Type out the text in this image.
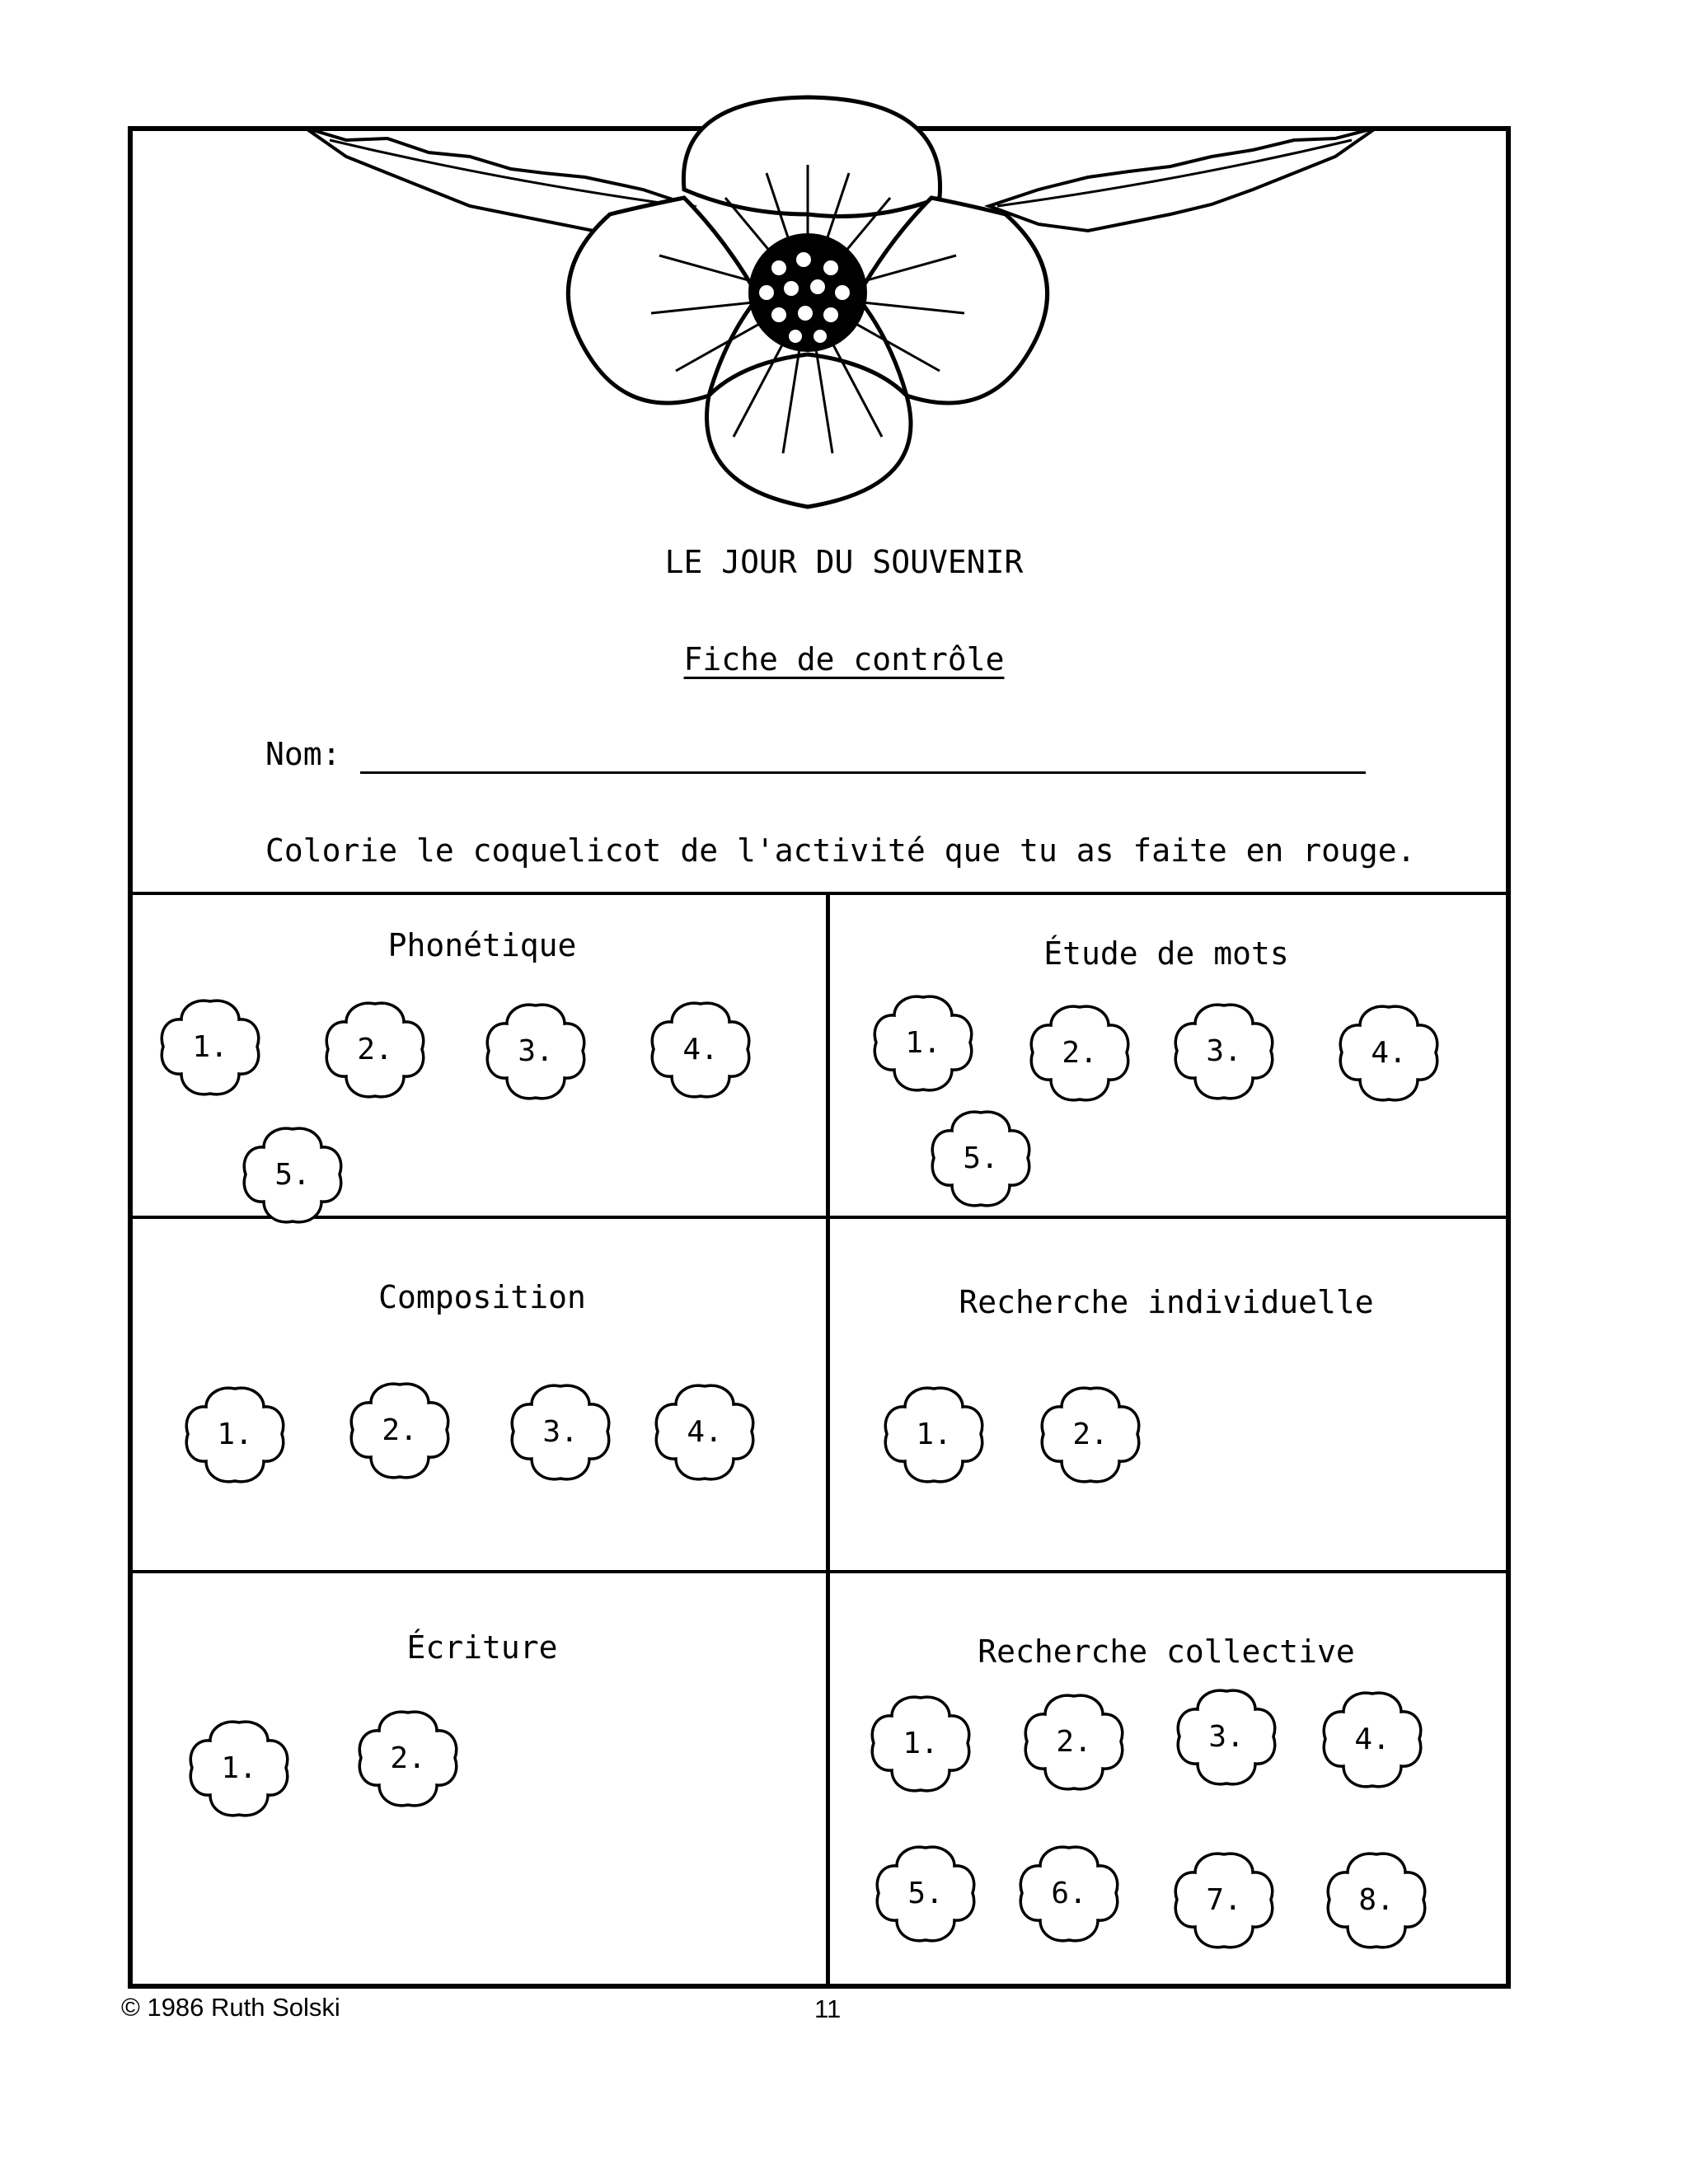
LE JOUR DU SOUVENIR
Fiche de contrôle
Nom:
Colorie le coquelicot de l'activité que tu as faite en rouge.
Phonétique	Étude de mots
Composition	Recherche individuelle
Écriture	Recherche collective
1.	2.	3.	4.
5.
1.	2.	3.	4.
5.
1.	2.	3.	4.	1.	2.
1.	2.	1.	2.	3.	4.
5.	6.	7.	8.
© 1986 Ruth Solski	11
